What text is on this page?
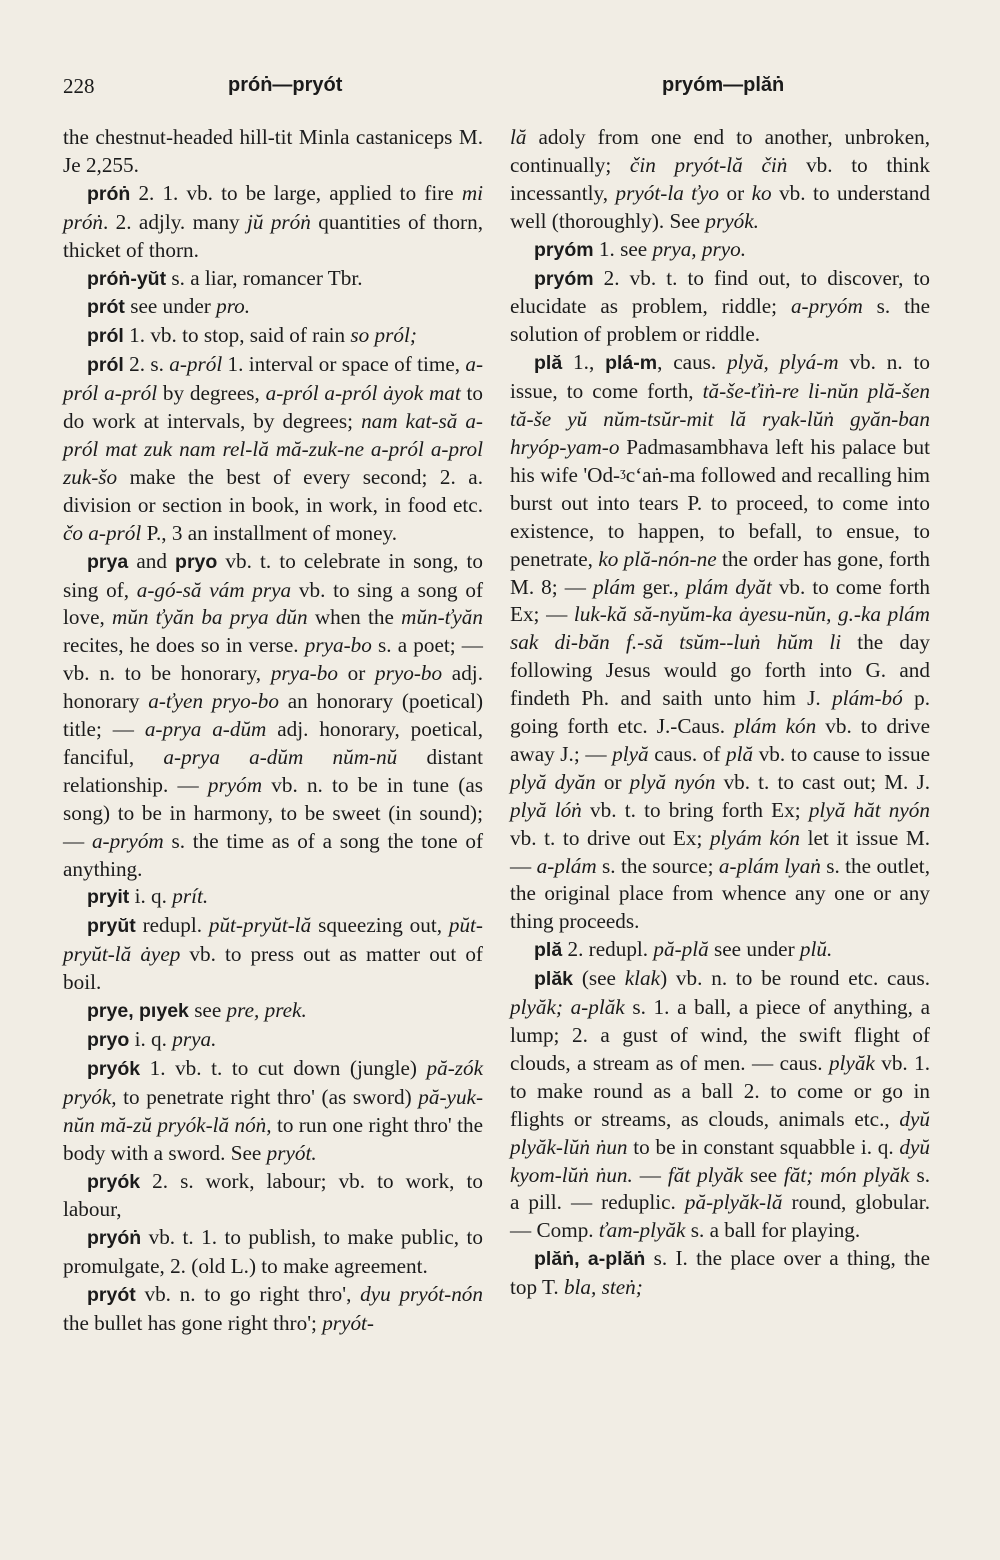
228	próṅ—pryót	pryóm—plăṅ

the chestnut-headed hill-tit Minla castaniceps M. Je 2,255.

próṅ 2. 1. vb. to be large, applied to fire mi próṅ. 2. adjly. many jŭ próṅ quantities of thorn, thicket of thorn.

próṅ-yŭt s. a liar, romancer Tbr.

prót see under pro.

pról 1. vb. to stop, said of rain so pról;

pról 2. s. a-pról 1. interval or space of time, a-pról a-pról by degrees, a-pról a-pról ȧyok mat to do work at intervals, by degrees; nam kat-să a-pról mat zuk nam rel-lă mă-zuk-ne a-pról a-prol zuk-šo make the best of every second; 2. a. division or section in book, in work, in food etc. čo a-pról P., 3 an installment of money.

prya and pryo vb. t. to celebrate in song, to sing of, a-gó-să vám prya vb. to sing a song of love, mŭn ťyăn ba prya dŭn when the mŭn-ťyăn recites, he does so in verse. prya-bo s. a poet; — vb. n. to be honorary, prya-bo or pryo-bo adj. honorary a-ťyen pryo-bo an honorary (poetical) title; — a-prya a-dŭm adj. honorary, poetical, fanciful, a-prya a-dŭm nŭm-nŭ distant relationship. — pryóm vb. n. to be in tune (as song) to be in harmony, to be sweet (in sound); — a-pryóm s. the time as of a song the tone of anything.

pryit i. q. prít.

pryŭt redupl. pŭt-pryŭt-lă squeezing out, pŭt-pryŭt-lă ȧyep vb. to press out as matter out of boil.

prye, pıyek see pre, prek.

pryo i. q. prya.

pryók 1. vb. t. to cut down (jungle) pă-zók pryók, to penetrate right thro' (as sword) pă-yuk-nŭn mă-zŭ pryók-lă nóṅ, to run one right thro' the body with a sword. See pryót.

pryók 2. s. work, labour; vb. to work, to labour,

pryóṅ vb. t. 1. to publish, to make public, to promulgate, 2. (old L.) to make agreement.

pryót vb. n. to go right thro', dyu pryót-nón the bullet has gone right thro'; pryót-

lă adoly from one end to another, unbroken, continually; čin pryót-lă čiṅ vb. to think incessantly, pryót-la ťyo or ko vb. to understand well (thoroughly). See pryók.

pryóm 1. see prya, pryo.

pryóm 2. vb. t. to find out, to discover, to elucidate as problem, riddle; a-pryóm s. the solution of problem or riddle.

plă 1., plá-m, caus. plyă, plyá-m vb. n. to issue, to come forth, tă-še-ťiṅ-re li-nŭn plă-šen tă-še yŭ nŭm-tsŭr-mit lă ryak-lŭṅ gyăn-ban hryóp-yam-o Padmasambhava left his palace but his wife 'Od-ᶾcʻaṅ-ma followed and recalling him burst out into tears P. to proceed, to come into existence, to happen, to befall, to ensue, to penetrate, ko plă-nón-ne the order has gone, forth M. 8; — plám ger., plám dyăt vb. to come forth Ex; — luk-kă să-nyŭm-ka ȧyesu-nŭn, g.-ka plám sak di-băn f.-să tsŭm--luṅ hŭm li the day following Jesus would go forth into G. and findeth Ph. and saith unto him J. plám-bó p. going forth etc. J.-Caus. plám kón vb. to drive away J.; — plyă caus. of plă vb. to cause to issue plyă dyăn or plyă nyón vb. t. to cast out; M. J. plyă lóṅ vb. t. to bring forth Ex; plyă hăt nyón vb. t. to drive out Ex; plyám kón let it issue M. — a-plám s. the source; a-plám lyaṅ s. the outlet, the original place from whence any one or any thing proceeds.

plă 2. redupl. pă-plă see under plŭ.

plăk (see klak) vb. n. to be round etc. caus. plyăk; a-plăk s. 1. a ball, a piece of anything, a lump; 2. a gust of wind, the swift flight of clouds, a stream as of men. — caus. plyăk vb. 1. to make round as a ball 2. to come or go in flights or streams, as clouds, animals etc., dyŭ plyăk-lŭṅ ṅun to be in constant squabble i. q. dyŭ kyom-lŭṅ ṅun. — făt plyăk see făt; món plyăk s. a pill. — reduplic. pă-plyăk-lă round, globular. — Comp. ťam-plyăk s. a ball for playing.

plăṅ, a-plăṅ s. I. the place over a thing, the top T. bla, steṅ;
